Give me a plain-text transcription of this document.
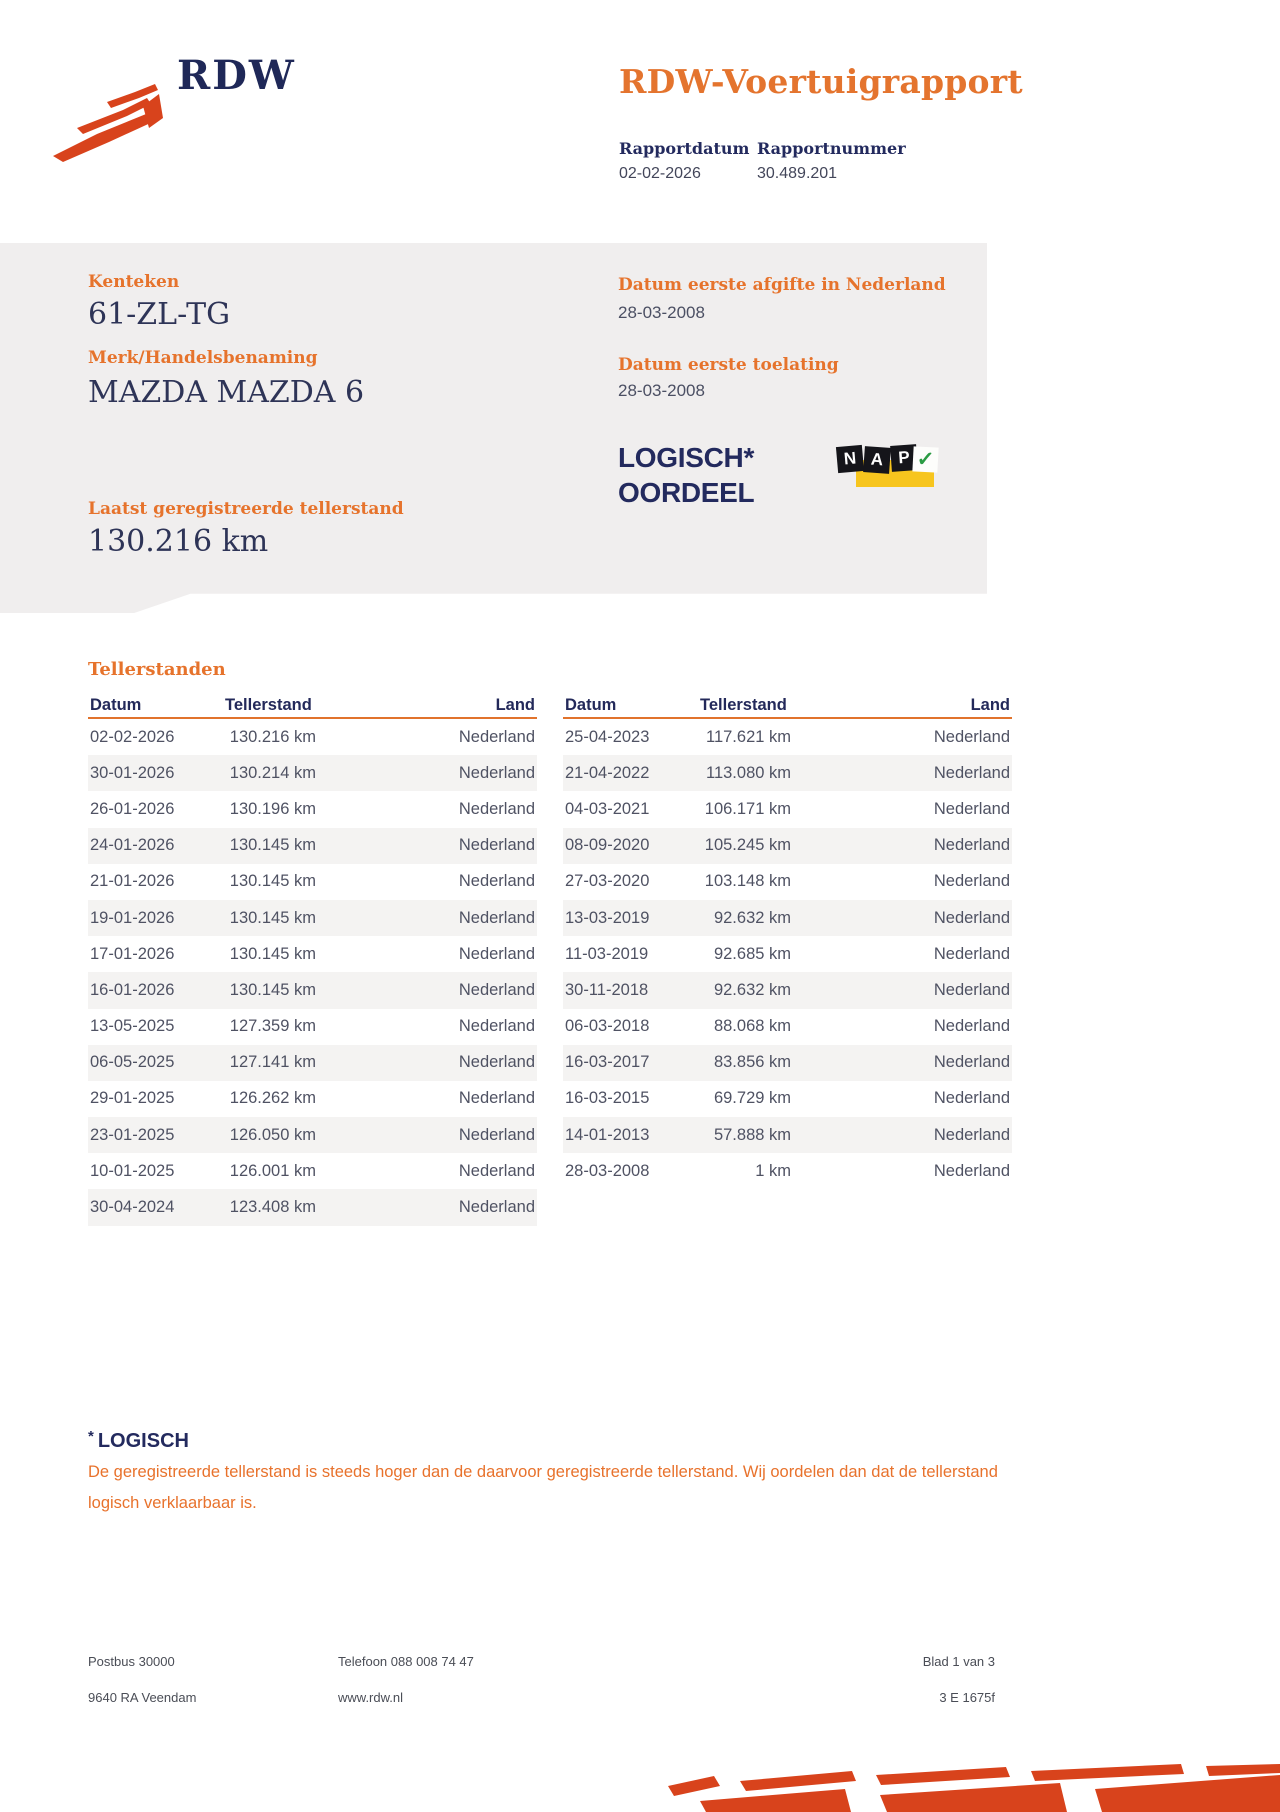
RDW	RDW-Voertuigrapport
Rapportdatum Rapportnummer
02-02-2026	30.489.201
Kenteken
61-ZL-TG
Merk/Handelsbenaming
MAZDA MAZDA 6
Laatst geregistreerde tellerstand
130.216 km
Datum eerste afgifte in Nederland
28-03-2008
Datum eerste toelating
28-03-2008
LOGISCH*
OORDEEL
N A P ✓
Tellerstanden
Datum	Tellerstand	Land
02-02-2026	130.216 km	Nederland
30-01-2026	130.214 km	Nederland
26-01-2026	130.196 km	Nederland
24-01-2026	130.145 km	Nederland
21-01-2026	130.145 km	Nederland
19-01-2026	130.145 km	Nederland
17-01-2026	130.145 km	Nederland
16-01-2026	130.145 km	Nederland
13-05-2025	127.359 km	Nederland
06-05-2025	127.141 km	Nederland
29-01-2025	126.262 km	Nederland
23-01-2025	126.050 km	Nederland
10-01-2025	126.001 km	Nederland
30-04-2024	123.408 km	Nederland
Datum	Tellerstand	Land
25-04-2023	117.621 km	Nederland
21-04-2022	113.080 km	Nederland
04-03-2021	106.171 km	Nederland
08-09-2020	105.245 km	Nederland
27-03-2020	103.148 km	Nederland
13-03-2019	92.632 km	Nederland
11-03-2019	92.685 km	Nederland
30-11-2018	92.632 km	Nederland
06-03-2018	88.068 km	Nederland
16-03-2017	83.856 km	Nederland
16-03-2015	69.729 km	Nederland
14-01-2013	57.888 km	Nederland
28-03-2008	1 km	Nederland
* LOGISCH
De geregistreerde tellerstand is steeds hoger dan de daarvoor geregistreerde tellerstand. Wij oordelen dan dat de tellerstand logisch verklaarbaar is.
Postbus 30000
9640 RA Veendam
Telefoon 088 008 74 47
www.rdw.nl
Blad 1 van 3
3 E 1675f
